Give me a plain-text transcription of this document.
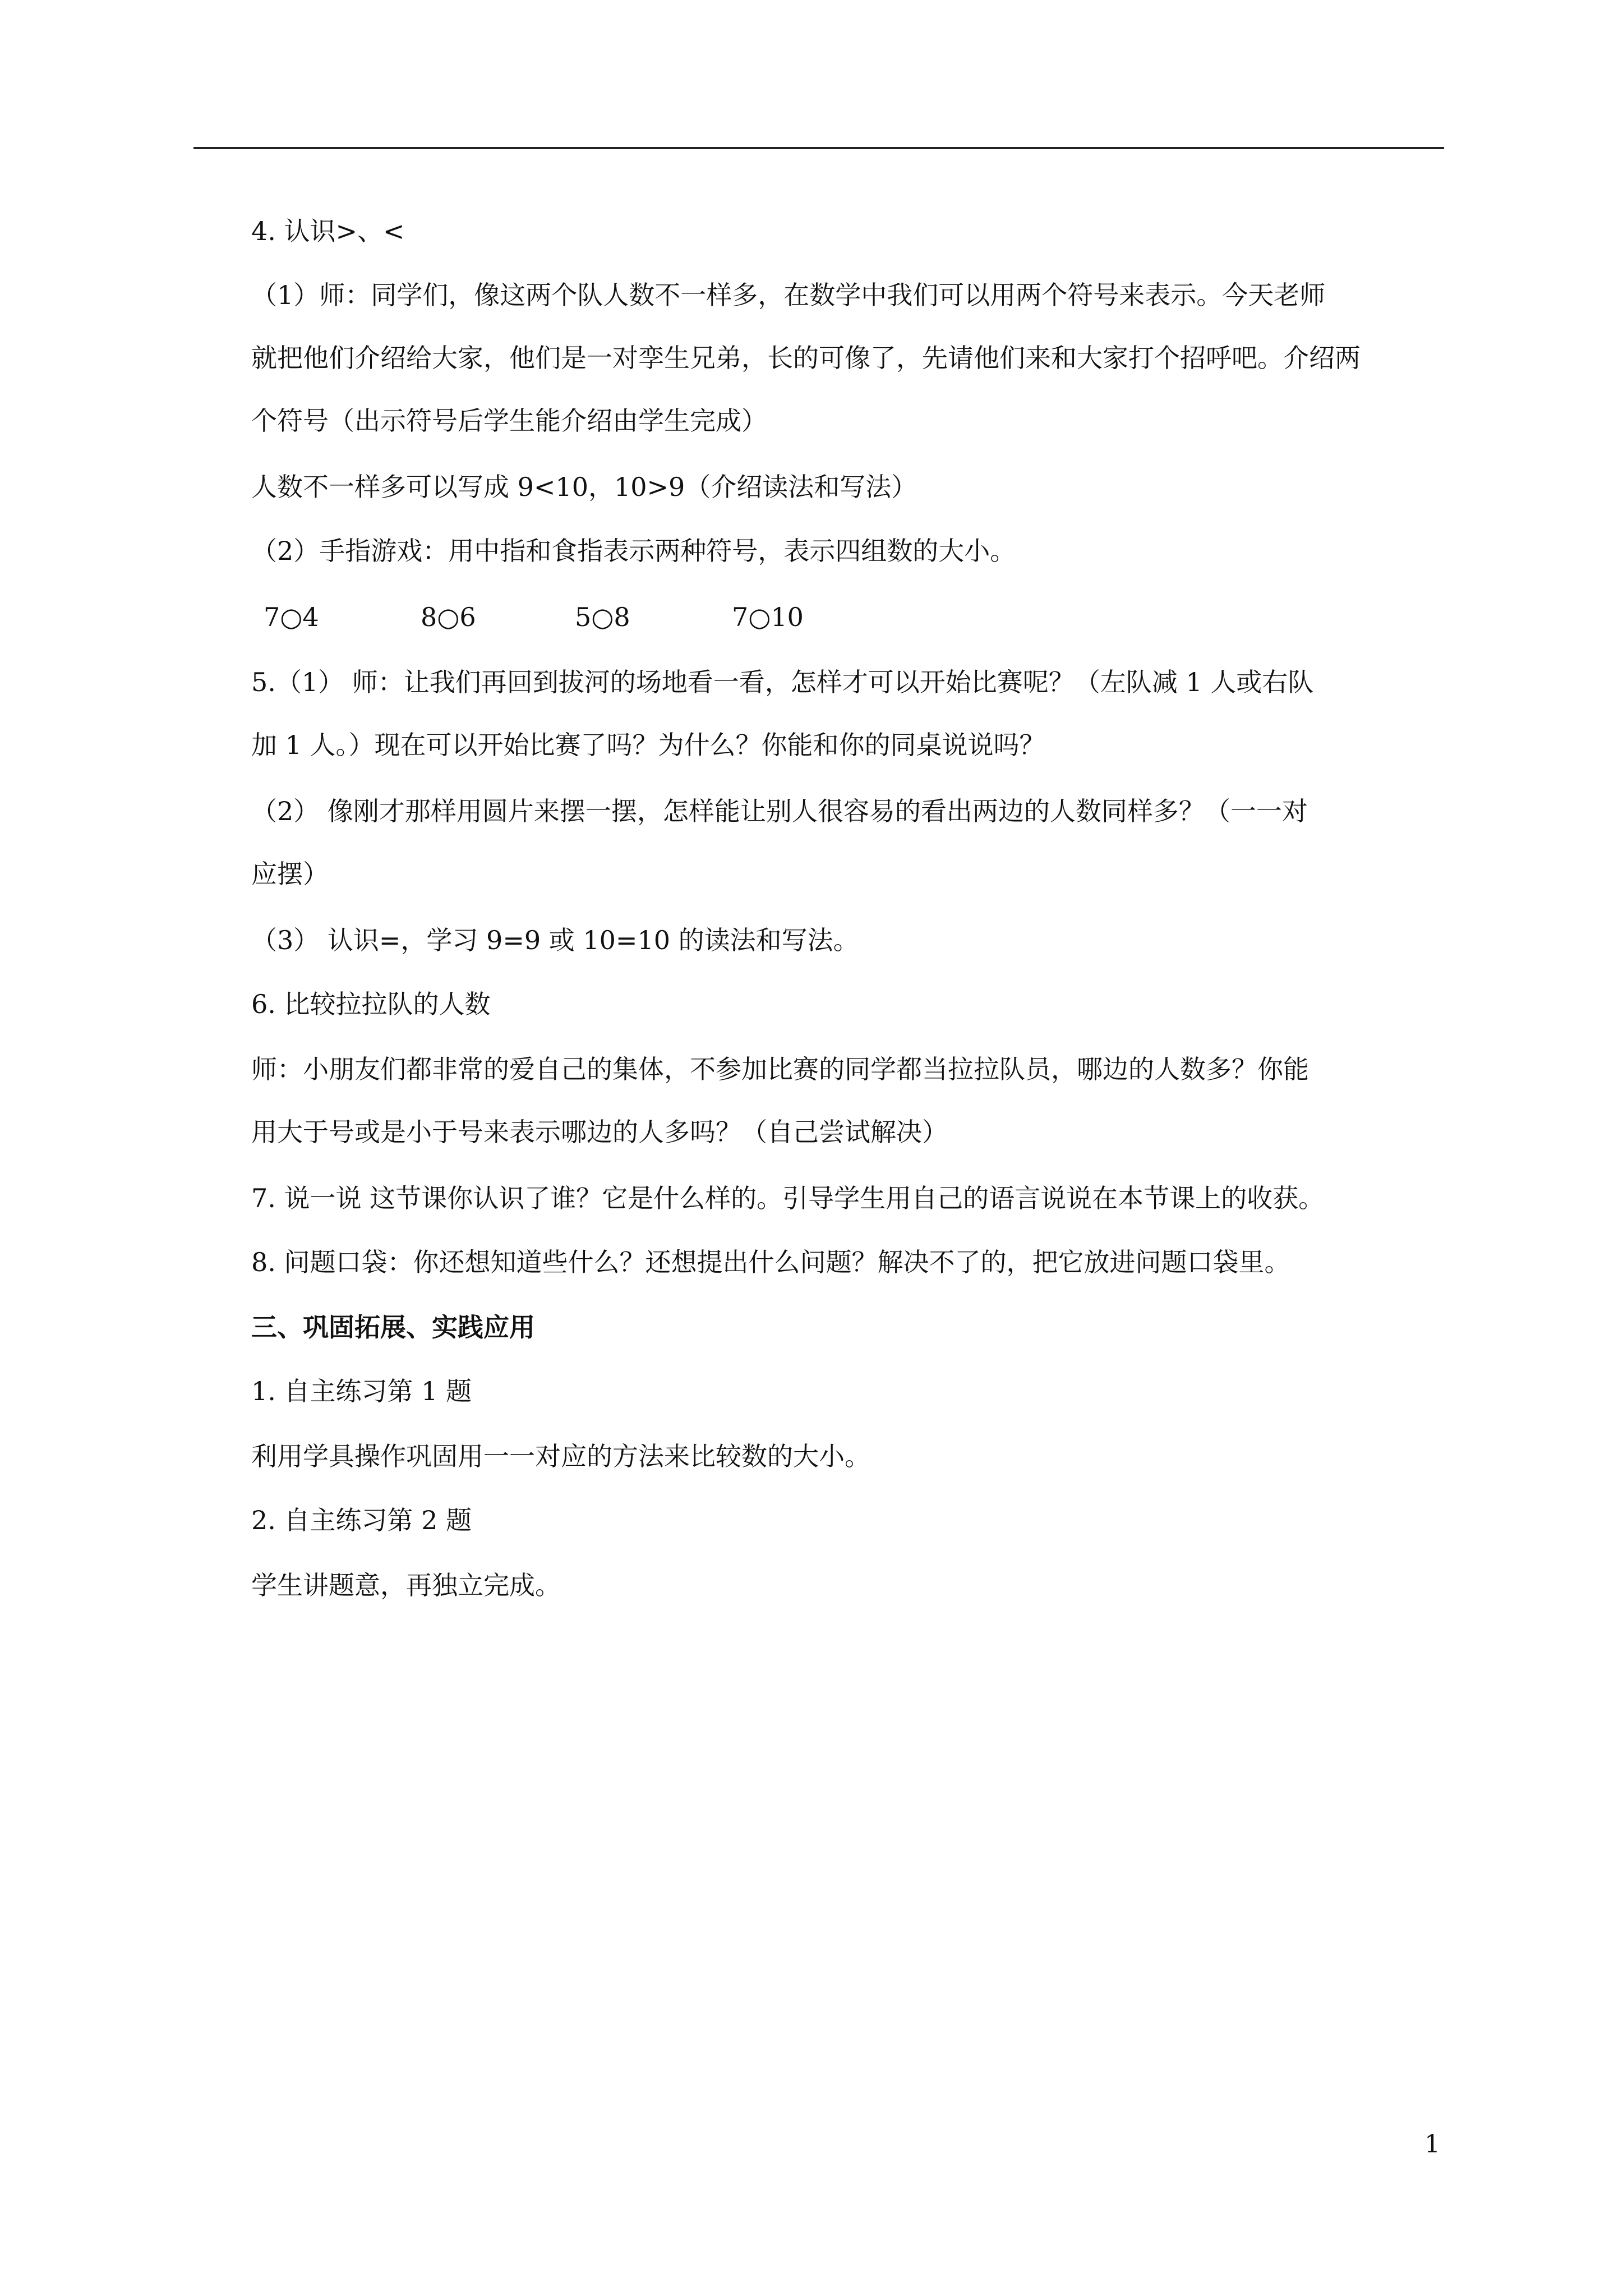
4. 认识>、<
（1）师：同学们，像这两个队人数不一样多，在数学中我们可以用两个符号来表示。今天老师
就把他们介绍给大家，他们是一对孪生兄弟，长的可像了，先请他们来和大家打个招呼吧。介绍两
个符号（出示符号后学生能介绍由学生完成）
人数不一样多可以写成 9<10，10>9（介绍读法和写法）
（2）手指游戏：用中指和食指表示两种符号，表示四组数的大小。

7○4

	8○6

	5○8

	7○10

5.（1） 师：让我们再回到拔河的场地看一看，怎样才可以开始比赛呢？（左队减 1 人或右队
加 1 人。）现在可以开始比赛了吗？为什么？你能和你的同桌说说吗？
（2） 像刚才那样用圆片来摆一摆，怎样能让别人很容易的看出两边的人数同样多？（一一对
应摆）
（3） 认识=，学习 9=9 或 10=10 的读法和写法。
6. 比较拉拉队的人数
师：小朋友们都非常的爱自己的集体，不参加比赛的同学都当拉拉队员，哪边的人数多？你能
用大于号或是小于号来表示哪边的人多吗？（自己尝试解决）
7. 说一说 这节课你认识了谁？它是什么样的。引导学生用自己的语言说说在本节课上的收获。
8. 问题口袋：你还想知道些什么？还想提出什么问题？解决不了的，把它放进问题口袋里。
三、巩固拓展、实践应用
1. 自主练习第 1 题
利用学具操作巩固用一一对应的方法来比较数的大小。
2. 自主练习第 2 题
学生讲题意，再独立完成。
1
